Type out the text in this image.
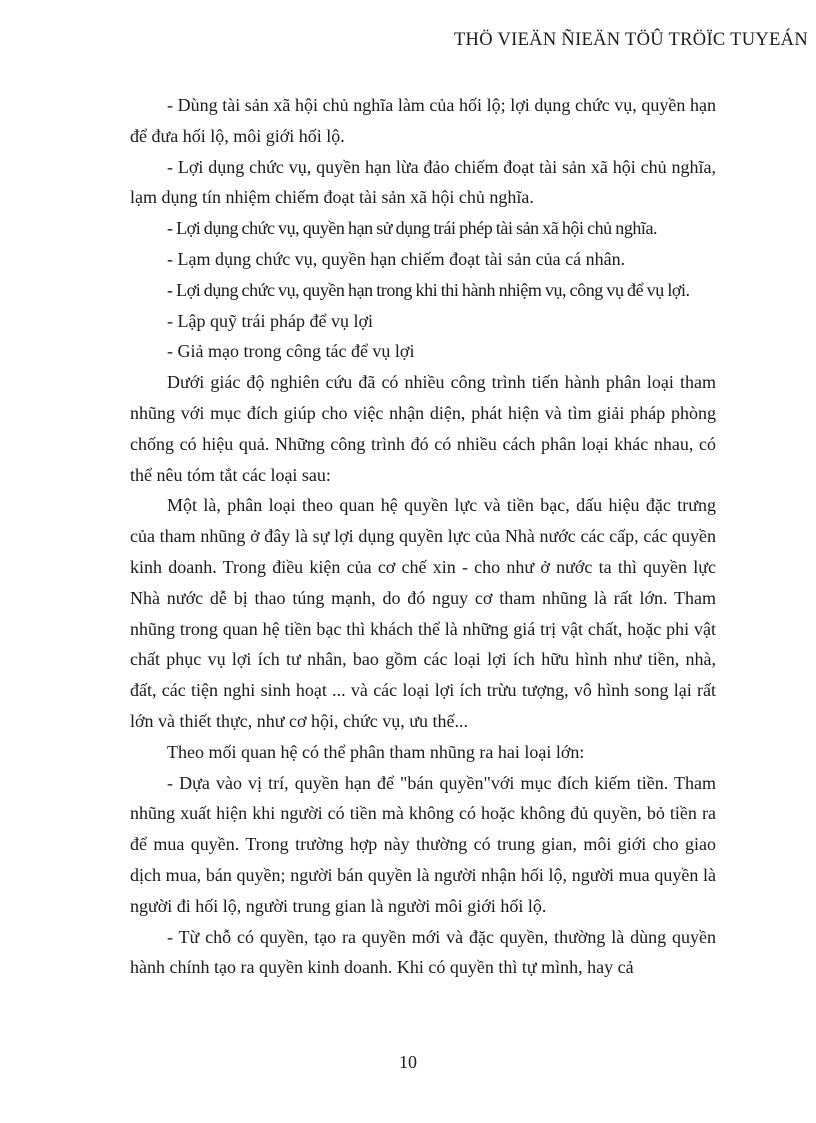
THÖ VIEÄN ÑIEÄN TÖÛ TRÖÏC TUYEÁN

- Dùng tài sản xã hội chủ nghĩa làm của hối lộ; lợi dụng chức vụ, quyền hạn để đưa hối lộ, môi giới hối lộ.

- Lợi dụng chức vụ, quyền hạn lừa đảo chiếm đoạt tài sản xã hội chủ nghĩa, lạm dụng tín nhiệm chiếm đoạt tài sản xã hội chủ nghĩa.

- Lợi dụng chức vụ, quyền hạn sử dụng trái phép tài sản xã hội chủ nghĩa.

- Lạm dụng chức vụ, quyền hạn chiếm đoạt tài sản của cá nhân.

- Lợi dụng chức vụ, quyền hạn trong khi thi hành nhiệm vụ, công vụ để vụ lợi.

- Lập quỹ trái pháp để vụ lợi

- Giả mạo trong công tác để vụ lợi

Dưới giác độ nghiên cứu đã có nhiều công trình tiến hành phân loại tham nhũng với mục đích giúp cho việc nhận diện, phát hiện và tìm giải pháp phòng chống có hiệu quả. Những công trình đó có nhiều cách phân loại khác nhau, có thể nêu tóm tắt các loại sau:

Một là, phân loại theo quan hệ quyền lực và tiền bạc, dấu hiệu đặc trưng của tham nhũng ở đây là sự lợi dụng quyền lực của Nhà nước các cấp, các quyền kinh doanh. Trong điều kiện của cơ chế xin - cho như ở nước ta thì quyền lực Nhà nước dễ bị thao túng mạnh, do đó nguy cơ tham nhũng là rất lớn. Tham nhũng trong quan hệ tiền bạc thì khách thể là những giá trị vật chất, hoặc phi vật chất phục vụ lợi ích tư nhân, bao gồm các loại lợi ích hữu hình như tiền, nhà, đất, các tiện nghi sinh hoạt ... và các loại lợi ích trừu tượng, vô hình song lại rất lớn và thiết thực, như cơ hội, chức vụ, ưu thế...

Theo mối quan hệ có thể phân tham nhũng ra hai loại lớn:

- Dựa vào vị trí, quyền hạn để "bán quyền"với mục đích kiếm tiền. Tham nhũng xuất hiện khi người có tiền mà không có hoặc không đủ quyền, bỏ tiền ra để mua quyền. Trong trường hợp này thường có trung gian, môi giới cho giao dịch mua, bán quyền; người bán quyền là người nhận hối lộ, người mua quyền là người đi hối lộ, người trung gian là người môi giới hối lộ.

- Từ chỗ có quyền, tạo ra quyền mới và đặc quyền, thường là dùng quyền hành chính tạo ra quyền kinh doanh. Khi có quyền thì tự mình, hay cả

10
